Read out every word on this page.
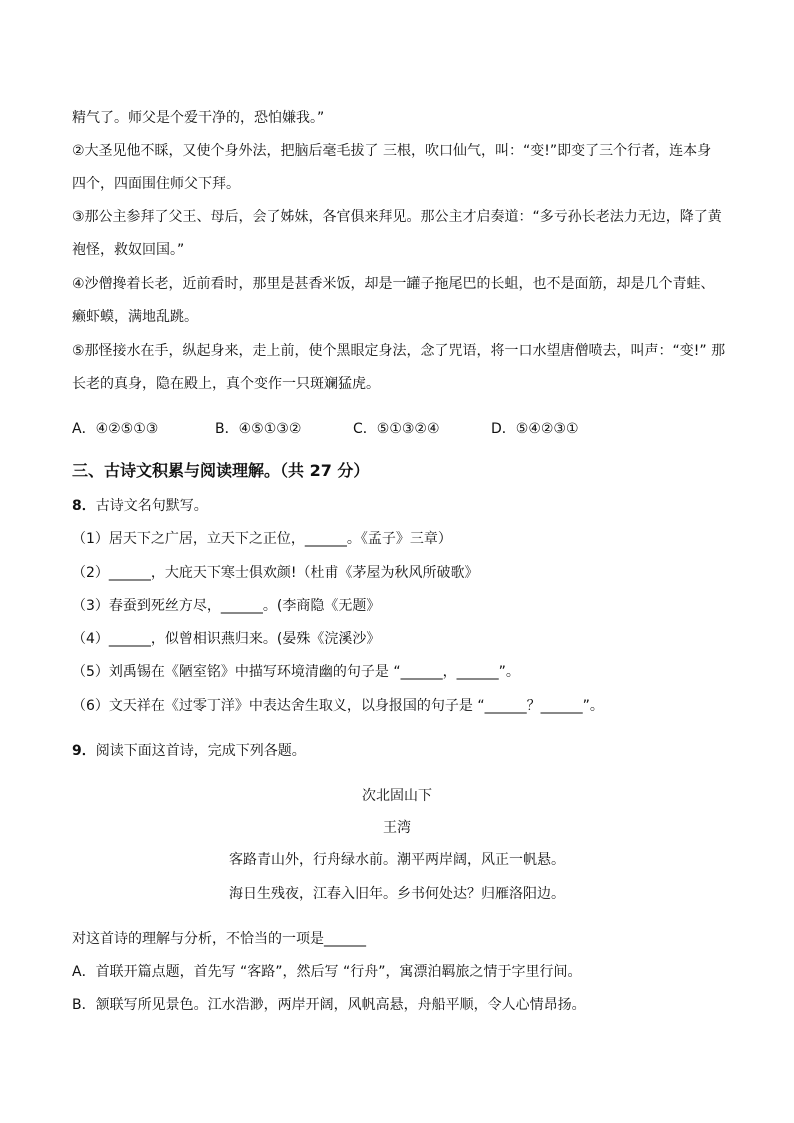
精气了。师父是个爱干净的，恐怕嫌我。”
②大圣见他不睬，又使个身外法，把脑后毫毛拔了 三根，吹口仙气，叫：“变!”即变了三个行者，连本身
四个，四面围住师父下拜。
③那公主参拜了父王、母后，会了姊妹，各官俱来拜见。那公主才启奏道：“多亏孙长老法力无边，降了黄
袍怪，救奴回国。”
④沙僧搀着长老，近前看时，那里是甚香米饭，却是一罐子拖尾巴的长蛆，也不是面筋，却是几个青蛙、
癞虾蟆，满地乱跳。
⑤那怪接水在手，纵起身来，走上前，使个黑眼定身法，念了咒语，将一口水望唐僧喷去，叫声：“变!” 那
长老的真身，隐在殿上，真个变作一只斑斓猛虎。
A．④②⑤①③	B．④⑤①③②	C．⑤①③②④	D．⑤④②③①
三、古诗文积累与阅读理解。（共 27 分）
8．古诗文名句默写。
（1）居天下之广居，立天下之正位，______。《孟子》三章）
（2）______，大庇天下寒士俱欢颜!（杜甫《茅屋为秋风所破歌》
（3）春蚕到死丝方尽，______。(李商隐《无题》
（4）______，似曾相识燕归来。(晏殊《浣溪沙》
（5）刘禹锡在《陋室铭》中描写环境清幽的句子是 “______，______”。
（6）文天祥在《过零丁洋》中表达舍生取义，以身报国的句子是 “______？______”。
9．阅读下面这首诗，完成下列各题。
次北固山下
王湾
客路青山外，行舟绿水前。潮平两岸阔，风正一帆悬。
海日生残夜，江春入旧年。乡书何处达？归雁洛阳边。
对这首诗的理解与分析，不恰当的一项是______
A．首联开篇点题，首先写 “客路”，然后写 “行舟”，寓漂泊羁旅之情于字里行间。
B．颔联写所见景色。江水浩渺，两岸开阔，风帆高悬，舟船平顺，令人心情昂扬。
